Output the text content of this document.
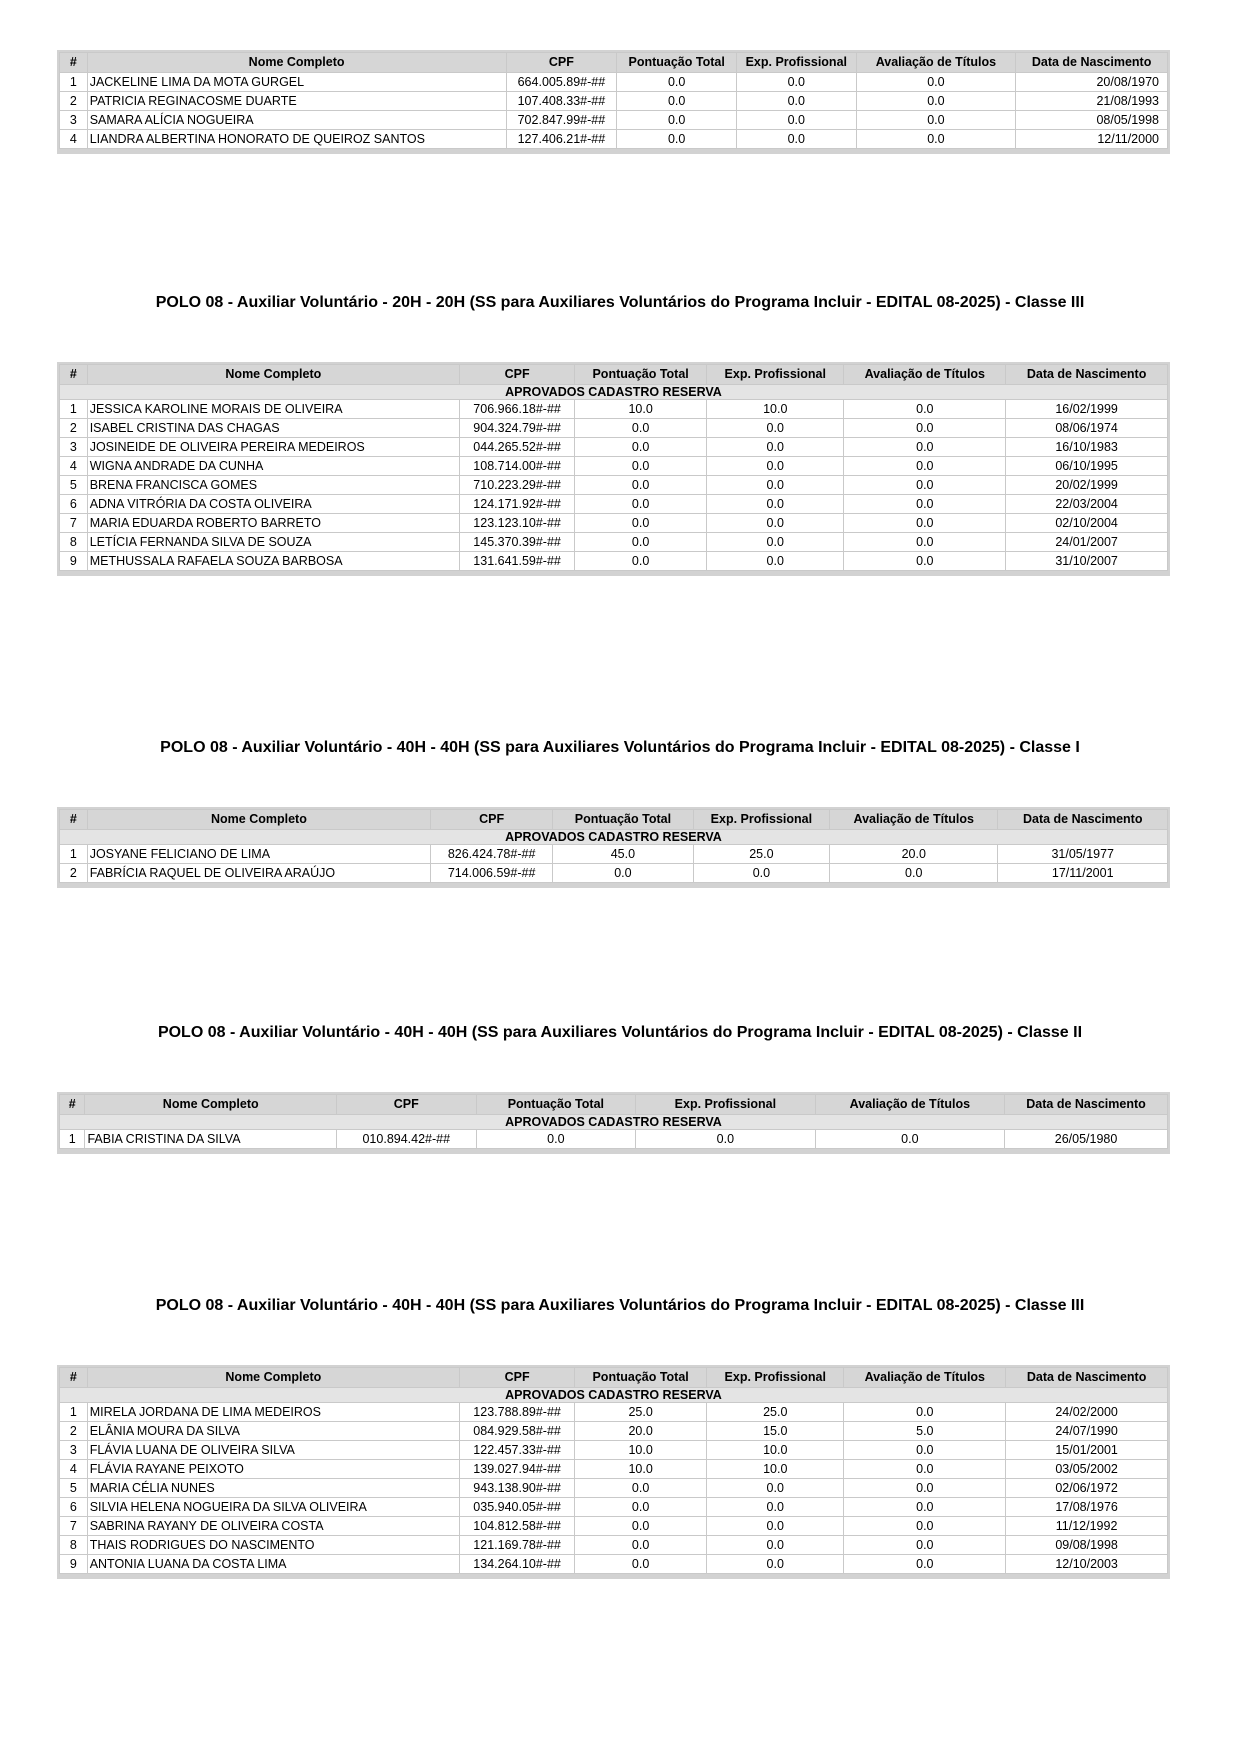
#	Nome Completo	CPF	Pontuação Total	Exp. Profissional	Avaliação de Títulos	Data de Nascimento
1	JACKELINE LIMA DA MOTA GURGEL	664.005.89#-##	0.0	0.0	0.0	20/08/1970
2	PATRICIA REGINACOSME DUARTE	107.408.33#-##	0.0	0.0	0.0	21/08/1993
3	SAMARA ALÍCIA NOGUEIRA	702.847.99#-##	0.0	0.0	0.0	08/05/1998
4	LIANDRA ALBERTINA HONORATO DE QUEIROZ SANTOS	127.406.21#-##	0.0	0.0	0.0	12/11/2000
POLO 08 - Auxiliar Voluntário - 20H - 20H (SS para Auxiliares Voluntários do Programa Incluir - EDITAL 08-2025) - Classe III
#	Nome Completo	CPF	Pontuação Total	Exp. Profissional	Avaliação de Títulos	Data de Nascimento
APROVADOS CADASTRO RESERVA						
1	JESSICA KAROLINE MORAIS DE OLIVEIRA	706.966.18#-##	10.0	10.0	0.0	16/02/1999
2	ISABEL CRISTINA DAS CHAGAS	904.324.79#-##	0.0	0.0	0.0	08/06/1974
3	JOSINEIDE DE OLIVEIRA PEREIRA MEDEIROS	044.265.52#-##	0.0	0.0	0.0	16/10/1983
4	WIGNA ANDRADE DA CUNHA	108.714.00#-##	0.0	0.0	0.0	06/10/1995
5	BRENA FRANCISCA GOMES	710.223.29#-##	0.0	0.0	0.0	20/02/1999
6	ADNA VITRÓRIA DA COSTA OLIVEIRA	124.171.92#-##	0.0	0.0	0.0	22/03/2004
7	MARIA EDUARDA ROBERTO BARRETO	123.123.10#-##	0.0	0.0	0.0	02/10/2004
8	LETÍCIA FERNANDA SILVA DE SOUZA	145.370.39#-##	0.0	0.0	0.0	24/01/2007
9	METHUSSALA RAFAELA SOUZA BARBOSA	131.641.59#-##	0.0	0.0	0.0	31/10/2007
POLO 08 - Auxiliar Voluntário - 40H - 40H (SS para Auxiliares Voluntários do Programa Incluir - EDITAL 08-2025) - Classe I
#	Nome Completo	CPF	Pontuação Total	Exp. Profissional	Avaliação de Títulos	Data de Nascimento
APROVADOS CADASTRO RESERVA						
1	JOSYANE FELICIANO DE LIMA	826.424.78#-##	45.0	25.0	20.0	31/05/1977
2	FABRÍCIA RAQUEL DE OLIVEIRA ARAÚJO	714.006.59#-##	0.0	0.0	0.0	17/11/2001
POLO 08 - Auxiliar Voluntário - 40H - 40H (SS para Auxiliares Voluntários do Programa Incluir - EDITAL 08-2025) - Classe II
#	Nome Completo	CPF	Pontuação Total	Exp. Profissional	Avaliação de Títulos	Data de Nascimento
APROVADOS CADASTRO RESERVA						
1	FABIA CRISTINA DA SILVA	010.894.42#-##	0.0	0.0	0.0	26/05/1980
POLO 08 - Auxiliar Voluntário - 40H - 40H (SS para Auxiliares Voluntários do Programa Incluir - EDITAL 08-2025) - Classe III
#	Nome Completo	CPF	Pontuação Total	Exp. Profissional	Avaliação de Títulos	Data de Nascimento
APROVADOS CADASTRO RESERVA						
1	MIRELA JORDANA DE LIMA MEDEIROS	123.788.89#-##	25.0	25.0	0.0	24/02/2000
2	ELÂNIA MOURA DA SILVA	084.929.58#-##	20.0	15.0	5.0	24/07/1990
3	FLÁVIA LUANA DE OLIVEIRA SILVA	122.457.33#-##	10.0	10.0	0.0	15/01/2001
4	FLÁVIA RAYANE PEIXOTO	139.027.94#-##	10.0	10.0	0.0	03/05/2002
5	MARIA CÉLIA NUNES	943.138.90#-##	0.0	0.0	0.0	02/06/1972
6	SILVIA HELENA NOGUEIRA DA SILVA OLIVEIRA	035.940.05#-##	0.0	0.0	0.0	17/08/1976
7	SABRINA RAYANY DE OLIVEIRA COSTA	104.812.58#-##	0.0	0.0	0.0	11/12/1992
8	THAIS RODRIGUES DO NASCIMENTO	121.169.78#-##	0.0	0.0	0.0	09/08/1998
9	ANTONIA LUANA DA COSTA LIMA	134.264.10#-##	0.0	0.0	0.0	12/10/2003
